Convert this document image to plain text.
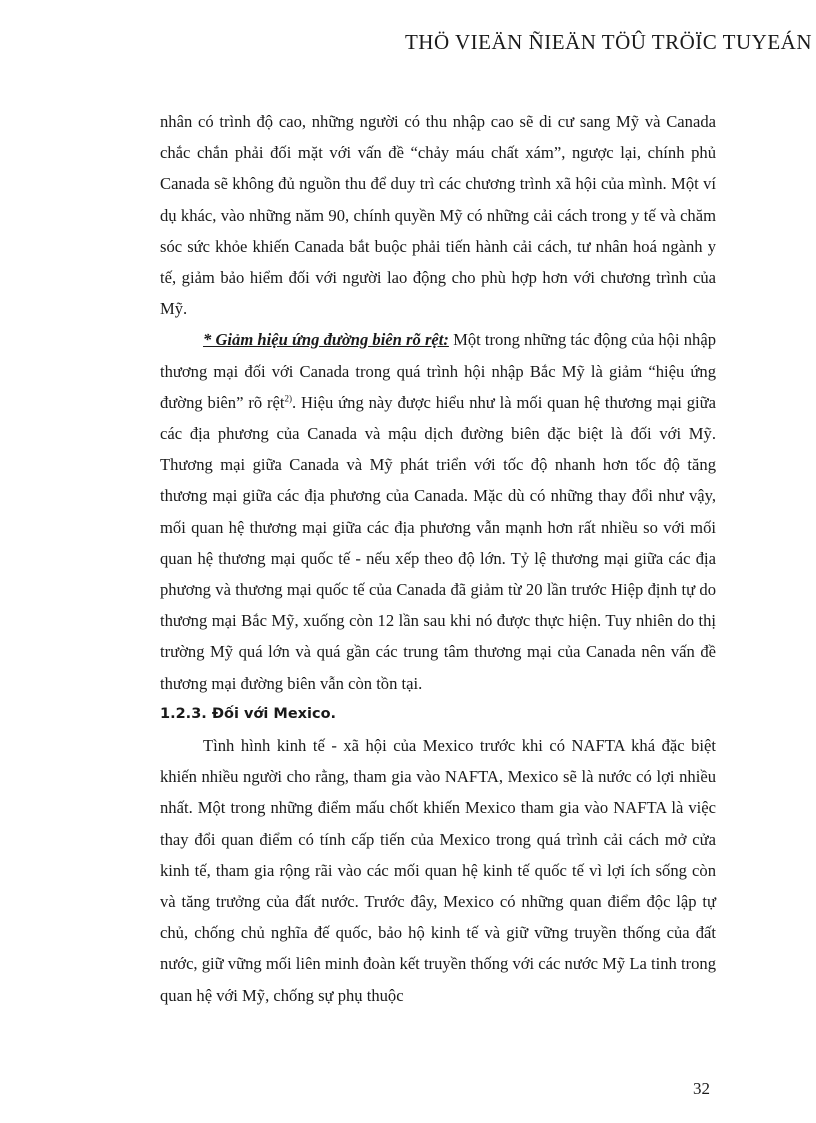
THÖ VIEÄN ÑIEÄN TÖÛ TRÖÏC TUYEÁN

nhân có trình độ cao, những người có thu nhập cao sẽ di cư sang Mỹ và Canada chắc chắn phải đối mặt với vấn đề “chảy máu chất xám”, ngược lại, chính phủ Canada sẽ không đủ nguồn thu để duy trì các chương trình xã hội của mình. Một ví dụ khác, vào những năm 90, chính quyền Mỹ có những cải cách trong y tế và chăm sóc sức khỏe khiến Canada bắt buộc phải tiến hành cải cách, tư nhân hoá ngành y tế, giảm bảo hiểm đối với người lao động cho phù hợp hơn với chương trình của Mỹ.

* Giảm hiệu ứng đường biên rõ rệt: Một trong những tác động của hội nhập thương mại đối với Canada trong quá trình hội nhập Bắc Mỹ là giảm “hiệu ứng đường biên” rõ rệt$^{2)}$. Hiệu ứng này được hiểu như là mối quan hệ thương mại giữa các địa phương của Canada và mậu dịch đường biên đặc biệt là đối với Mỹ. Thương mại giữa Canada và Mỹ phát triển với tốc độ nhanh hơn tốc độ tăng thương mại giữa các địa phương của Canada. Mặc dù có những thay đổi như vậy, mối quan hệ thương mại giữa các địa phương vẫn mạnh hơn rất nhiều so với mối quan hệ thương mại quốc tế - nếu xếp theo độ lớn. Tỷ lệ thương mại giữa các địa phương và thương mại quốc tế của Canada đã giảm từ 20 lần trước Hiệp định tự do thương mại Bắc Mỹ, xuống còn 12 lần sau khi nó được thực hiện. Tuy nhiên do thị trường Mỹ quá lớn và quá gần các trung tâm thương mại của Canada nên vấn đề thương mại đường biên vẫn còn tồn tại.

1.2.3. Đối với Mexico.

Tình hình kinh tế - xã hội của Mexico trước khi có NAFTA khá đặc biệt khiến nhiều người cho rằng, tham gia vào NAFTA, Mexico sẽ là nước có lợi nhiều nhất. Một trong những điểm mấu chốt khiến Mexico tham gia vào NAFTA là việc thay đổi quan điểm có tính cấp tiến của Mexico trong quá trình cải cách mở cửa kinh tế, tham gia rộng rãi vào các mối quan hệ kinh tế quốc tế vì lợi ích sống còn và tăng trưởng của đất nước. Trước đây, Mexico có những quan điểm độc lập tự chủ, chống chủ nghĩa đế quốc, bảo hộ kinh tế và giữ vững truyền thống của đất nước, giữ vững mối liên minh đoàn kết truyền thống với các nước Mỹ La tinh trong quan hệ với Mỹ, chống sự phụ thuộc

32
